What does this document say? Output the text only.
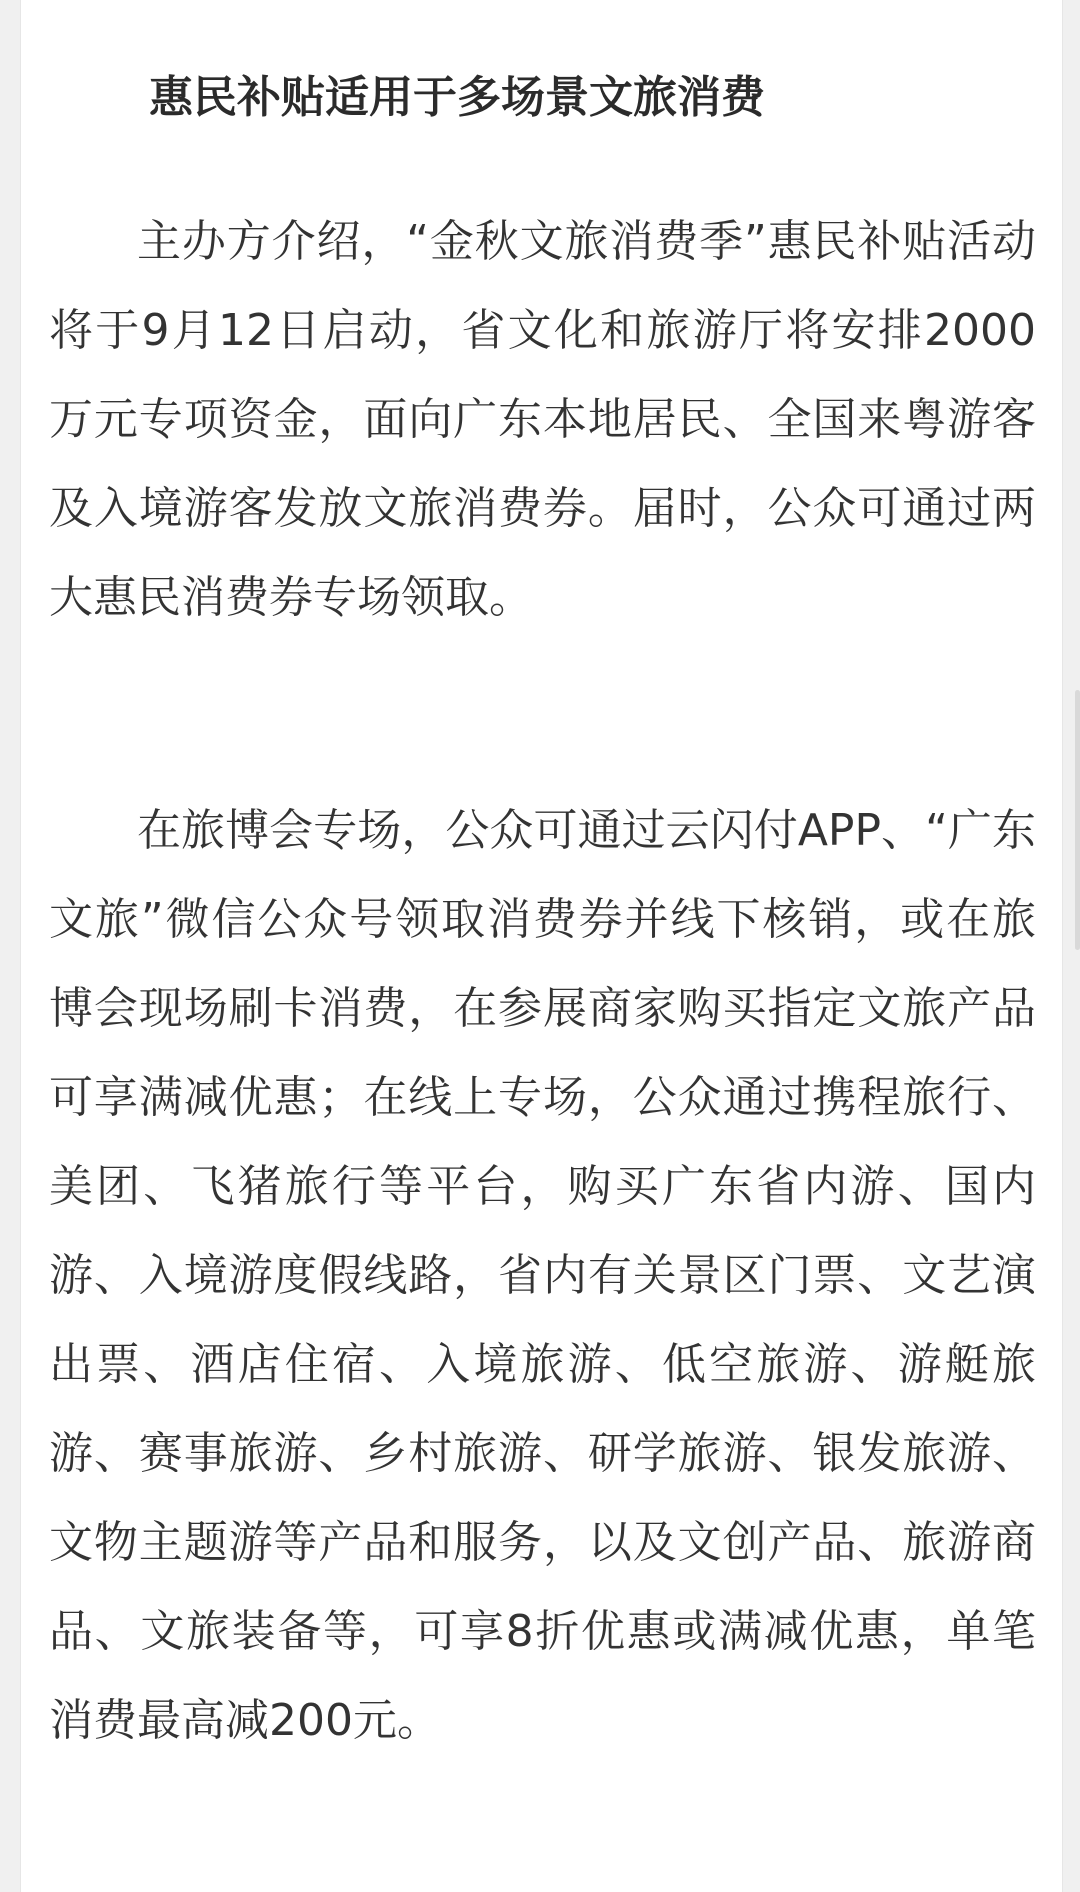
惠民补贴适用于多场景文旅消费

主办方介绍，“金秋文旅消费季”惠民补贴活动将于9月12日启动，省文化和旅游厅将安排2000万元专项资金，面向广东本地居民、全国来粤游客及入境游客发放文旅消费券。届时，公众可通过两大惠民消费券专场领取。

在旅博会专场，公众可通过云闪付APP、“广东文旅”微信公众号领取消费券并线下核销，或在旅博会现场刷卡消费，在参展商家购买指定文旅产品可享满减优惠；在线上专场，公众通过携程旅行、美团、飞猪旅行等平台，购买广东省内游、国内游、入境游度假线路，省内有关景区门票、文艺演出票、酒店住宿、入境旅游、低空旅游、游艇旅游、赛事旅游、乡村旅游、研学旅游、银发旅游、文物主题游等产品和服务，以及文创产品、旅游商品、文旅装备等，可享8折优惠或满减优惠，单笔消费最高减200元。
